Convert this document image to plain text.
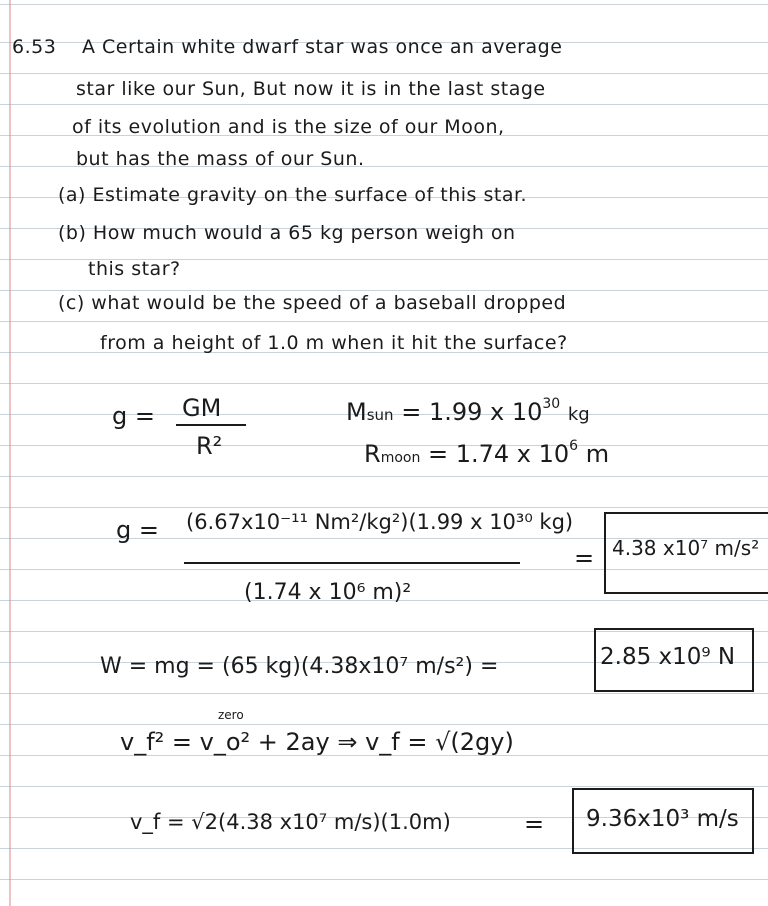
6.53 A Certain white dwarf star was once an average
star like our Sun, But now it is in the last stage
of its evolution and is the size of our Moon,
but has the mass of our Sun.
(a) Estimate gravity on the surface of this star.
(b) How much would a 65 kg person weigh on
this star?
(c) what would be the speed of a baseball dropped
from a height of 1.0 m when it hit the surface?
g = GM
R²
Msun = 1.99 x $10^{30}$ kg
Rmoon = 1.74 x $10^6$ m
g = (6.67x10⁻¹¹ Nm²/kg²)(1.99 x 10³⁰ kg)
(1.74 x 10⁶ m)²
= 4.38 x10⁷ m/s²
W = mg = (65 kg)(4.38x10⁷ m/s²) =	2.85 x10⁹ N
zero
v_f² = v_o² + 2ay ⇒ v_f = √(2gy)
v_f = √2(4.38 x10⁷ m/s)(1.0m)	= 9.36x10³ m/s
